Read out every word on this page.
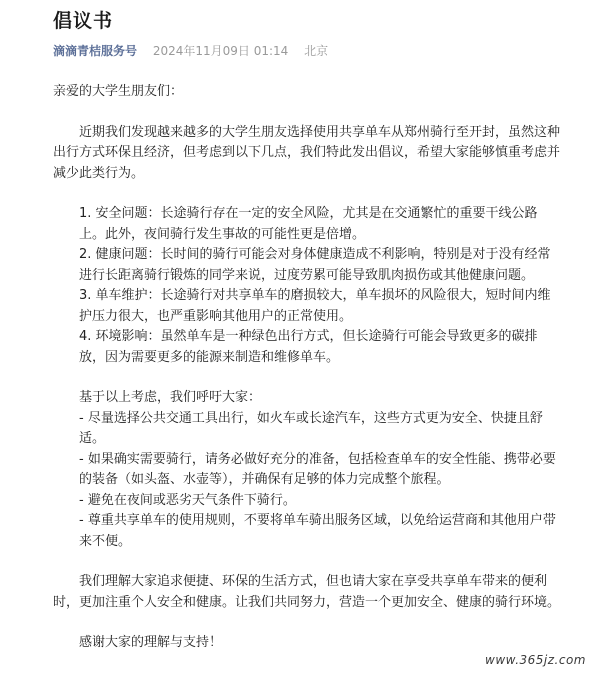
倡议书
滴滴青桔服务号 2024年11月09日 01:14 北京

亲爱的大学生朋友们：

近期我们发现越来越多的大学生朋友选择使用共享单车从郑州骑行至开封，虽然这种出行方式环保且经济，但考虑到以下几点，我们特此发出倡议，希望大家能够慎重考虑并减少此类行为。

1. 安全问题：长途骑行存在一定的安全风险，尤其是在交通繁忙的重要干线公路上。此外，夜间骑行发生事故的可能性更是倍增。

2. 健康问题：长时间的骑行可能会对身体健康造成不利影响，特别是对于没有经常进行长距离骑行锻炼的同学来说，过度劳累可能导致肌肉损伤或其他健康问题。

3. 单车维护：长途骑行对共享单车的磨损较大，单车损坏的风险很大，短时间内维护压力很大，也严重影响其他用户的正常使用。

4. 环境影响：虽然单车是一种绿色出行方式，但长途骑行可能会导致更多的碳排放，因为需要更多的能源来制造和维修单车。

基于以上考虑，我们呼吁大家：

- 尽量选择公共交通工具出行，如火车或长途汽车，这些方式更为安全、快捷且舒适。

- 如果确实需要骑行，请务必做好充分的准备，包括检查单车的安全性能、携带必要的装备（如头盔、水壶等），并确保有足够的体力完成整个旅程。

- 避免在夜间或恶劣天气条件下骑行。

- 尊重共享单车的使用规则，不要将单车骑出服务区域，以免给运营商和其他用户带来不便。

我们理解大家追求便捷、环保的生活方式，但也请大家在享受共享单车带来的便利时，更加注重个人安全和健康。让我们共同努力，营造一个更加安全、健康的骑行环境。

感谢大家的理解与支持！

www.365jz.com
